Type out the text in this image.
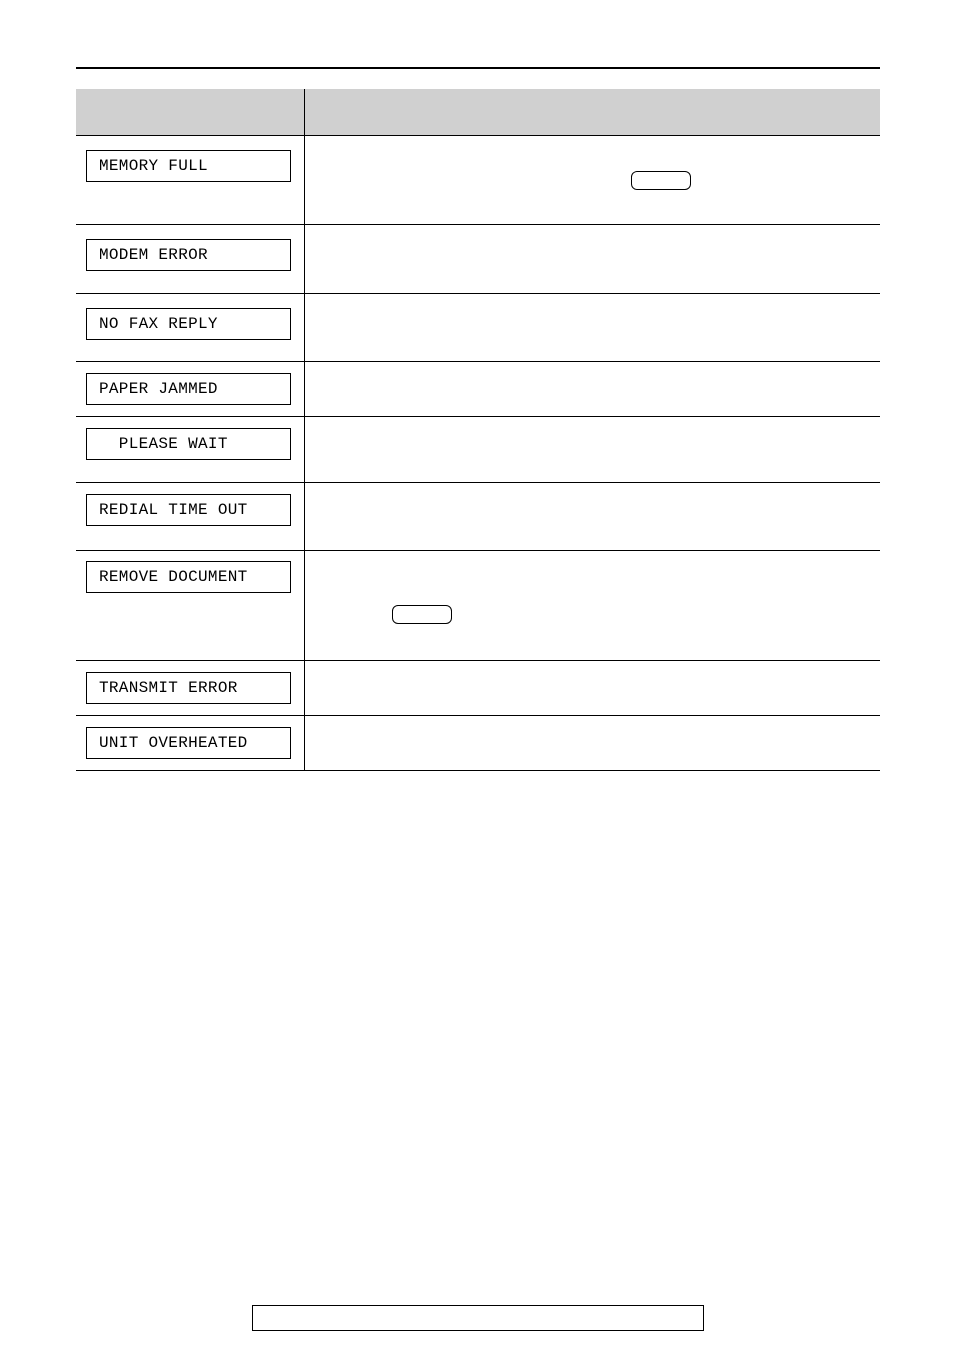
MEMORY FULL	

MODEM ERROR	

NO FAX REPLY	

PAPER JAMMED	

PLEASE WAIT	

REDIAL TIME OUT	

REMOVE DOCUMENT	

TRANSMIT ERROR	

UNIT OVERHEATED	
